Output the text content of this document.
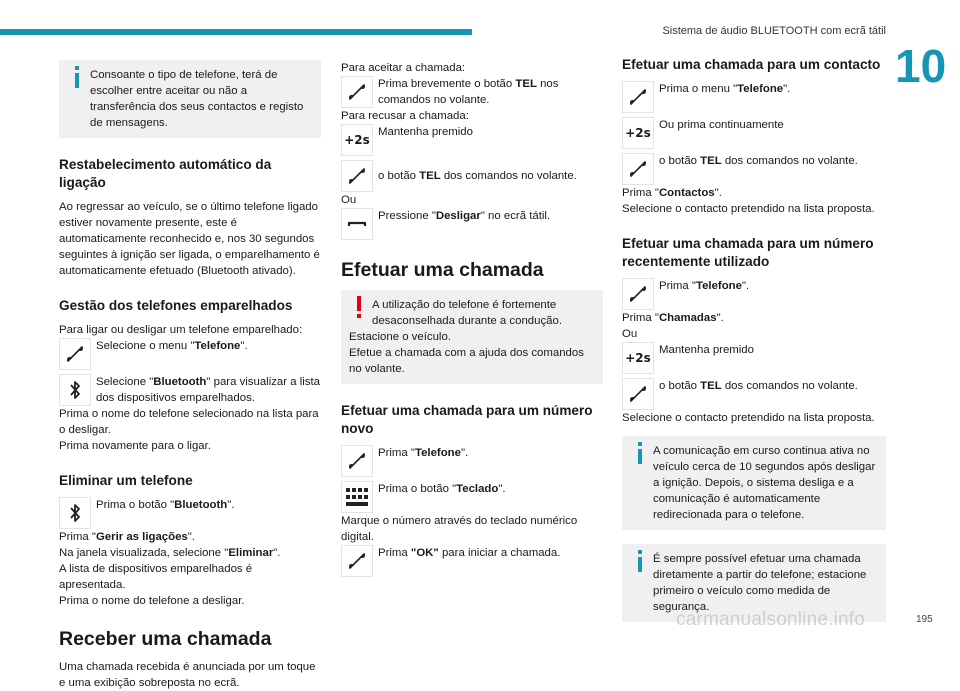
Sistema de áudio BLUETOOTH com ecrã tátil
10

Consoante o tipo de telefone, terá de escolher entre aceitar ou não a transferência dos seus contactos e registo de mensagens.

Restabelecimento automático da ligação

Ao regressar ao veículo, se o último telefone ligado estiver novamente presente, este é automaticamente reconhecido e, nos 30 segundos seguintes à ignição ser ligada, o emparelhamento é automaticamente efetuado (Bluetooth ativado).

Gestão dos telefones emparelhados

Para ligar ou desligar um telefone emparelhado:

Selecione o menu "Telefone".
Selecione "Bluetooth" para visualizar a lista dos dispositivos emparelhados.

Prima o nome do telefone selecionado na lista para o desligar.

Prima novamente para o ligar.

Eliminar um telefone
Prima o botão "Bluetooth".

Prima "Gerir as ligações".

Na janela visualizada, selecione "Eliminar".

A lista de dispositivos emparelhados é apresentada.

Prima o nome do telefone a desligar.

Receber uma chamada

Uma chamada recebida é anunciada por um toque e uma exibição sobreposta no ecrã.

Para aceitar a chamada:

Prima brevemente o botão TEL nos comandos no volante.

Para recusar a chamada:

+2s
Mantenha premido
o botão TEL dos comandos no volante.

Ou

Pressione "Desligar" no ecrã tátil.
Efetuar uma chamada

A utilização do telefone é fortemente desaconselhada durante a condução.

Estacione o veículo.

Efetue a chamada com a ajuda dos comandos no volante.

Efetuar uma chamada para um número novo
Prima "Telefone".
Prima o botão "Teclado".

Marque o número através do teclado numérico digital.

Prima "OK" para iniciar a chamada.
Efetuar uma chamada para um contacto
Prima o menu "Telefone".
+2s
Ou prima continuamente
o botão TEL dos comandos no volante.

Prima "Contactos".

Selecione o contacto pretendido na lista proposta.

Efetuar uma chamada para um número recentemente utilizado
Prima "Telefone".

Prima "Chamadas".

Ou

+2s
Mantenha premido
o botão TEL dos comandos no volante.

Selecione o contacto pretendido na lista proposta.

A comunicação em curso continua ativa no veículo cerca de 10 segundos após desligar a ignição. Depois, o sistema desliga e a comunicação é automaticamente redirecionada para o telefone.

É sempre possível efetuar uma chamada diretamente a partir do telefone; estacione primeiro o veículo como medida de segurança.

carmanualsonline.info	195
